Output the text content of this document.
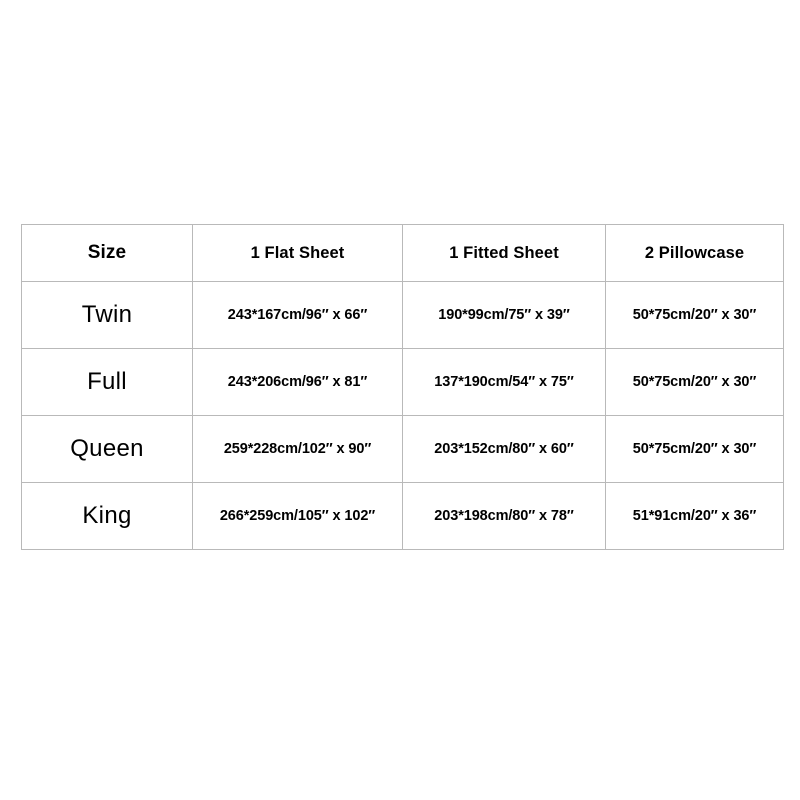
Size	1 Flat Sheet	1 Fitted Sheet	2 Pillowcase
Twin	243*167cm/96″ x 66″	190*99cm/75″ x 39″	50*75cm/20″ x 30″
Full	243*206cm/96″ x 81″	137*190cm/54″ x 75″	50*75cm/20″ x 30″
Queen	259*228cm/102″ x 90″	203*152cm/80″ x 60″	50*75cm/20″ x 30″
King	266*259cm/105″ x 102″	203*198cm/80″ x 78″	51*91cm/20″ x 36″
